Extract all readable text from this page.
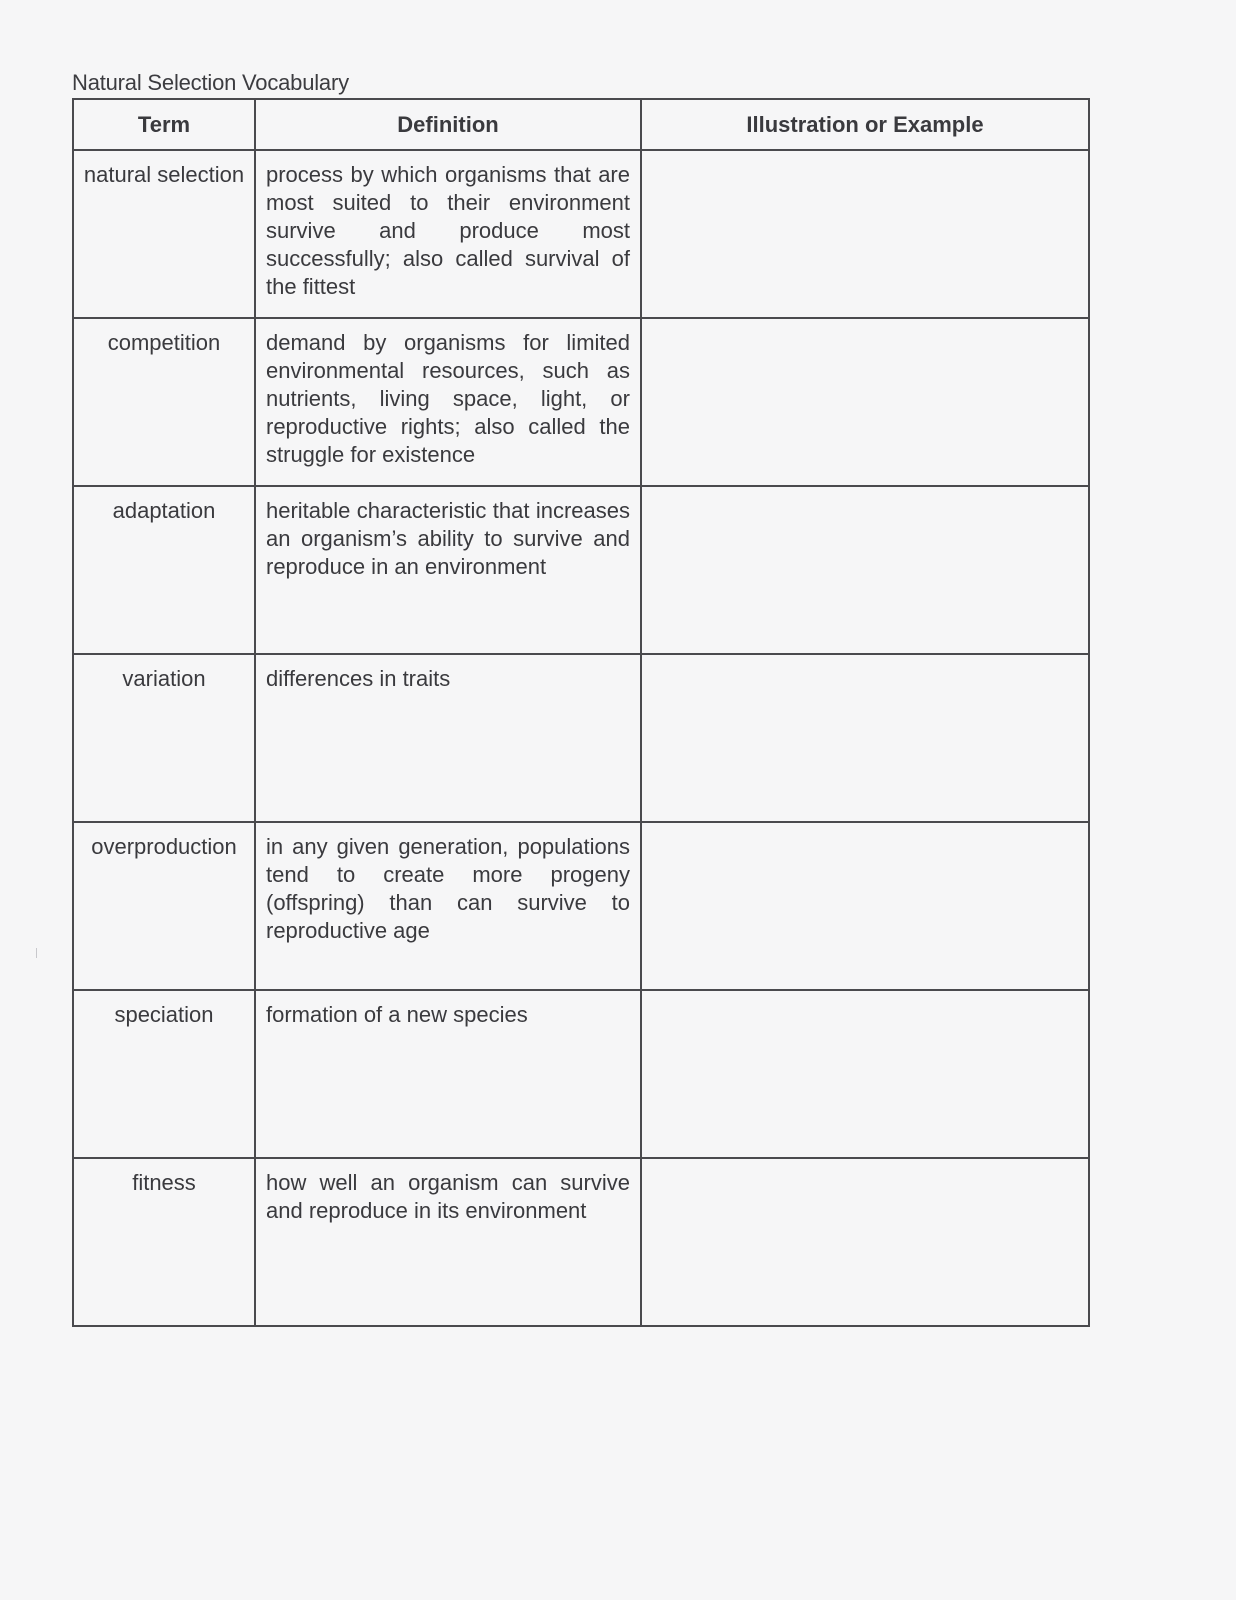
Natural Selection Vocabulary
Term	Definition	Illustration or Example
natural selection	process by which organisms that are most suited to their environment survive and produce most successfully; also called survival of the fittest	
competition	demand by organisms for limited environmental resources, such as nutrients, living space, light, or reproductive rights; also called the struggle for existence	
adaptation	heritable characteristic that increases an organism’s ability to survive and reproduce in an environment	
variation	differences in traits	
overproduction	in any given generation, populations tend to create more progeny (offspring) than can survive to reproductive age	
speciation	formation of a new species	
fitness	how well an organism can survive and reproduce in its environment	
